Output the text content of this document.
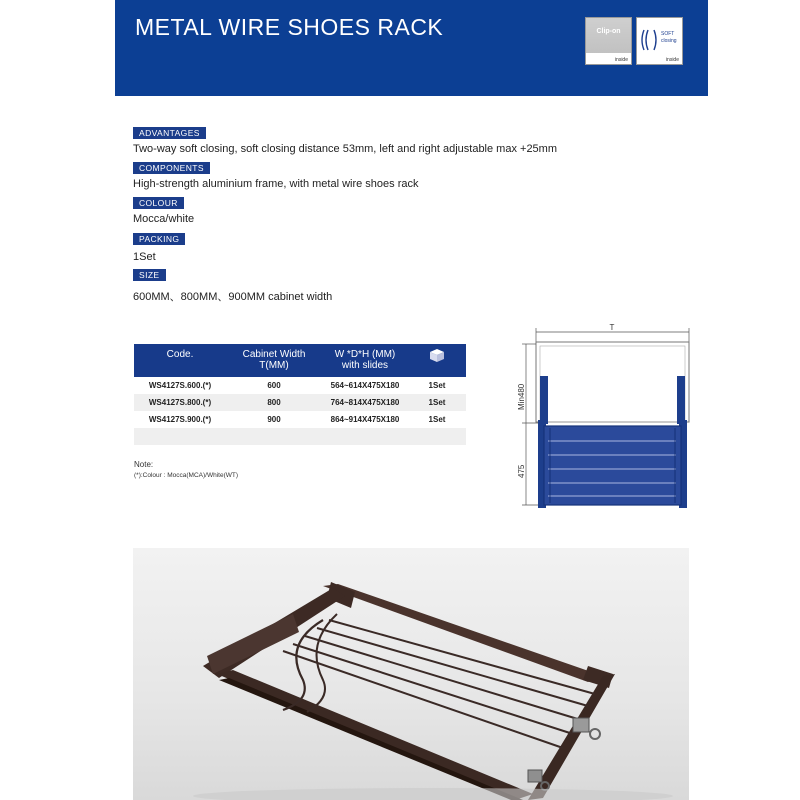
METAL WIRE SHOES RACK	Clip-on
inside
SOFT
closing
inside
ADVANTAGES
Two-way soft closing, soft closing distance 53mm, left and right adjustable max +25mm
COMPONENTS
High-strength aluminium frame, with metal wire shoes rack
COLOUR
Mocca/white
PACKING
1Set
SIZE
600MM、800MM、900MM cabinet width
Code.	Cabinet Width
T(MM)
W *D*H (MM)
with slides
WS4127S.600.(*)	600	564~614X475X180	1Set
WS4127S.800.(*)	800	764~814X475X180	1Set
WS4127S.900.(*)	900	864~914X475X180	1Set
Note:
(*):Colour : Mocca(MCA)/White(WT)
T
Min480
475
